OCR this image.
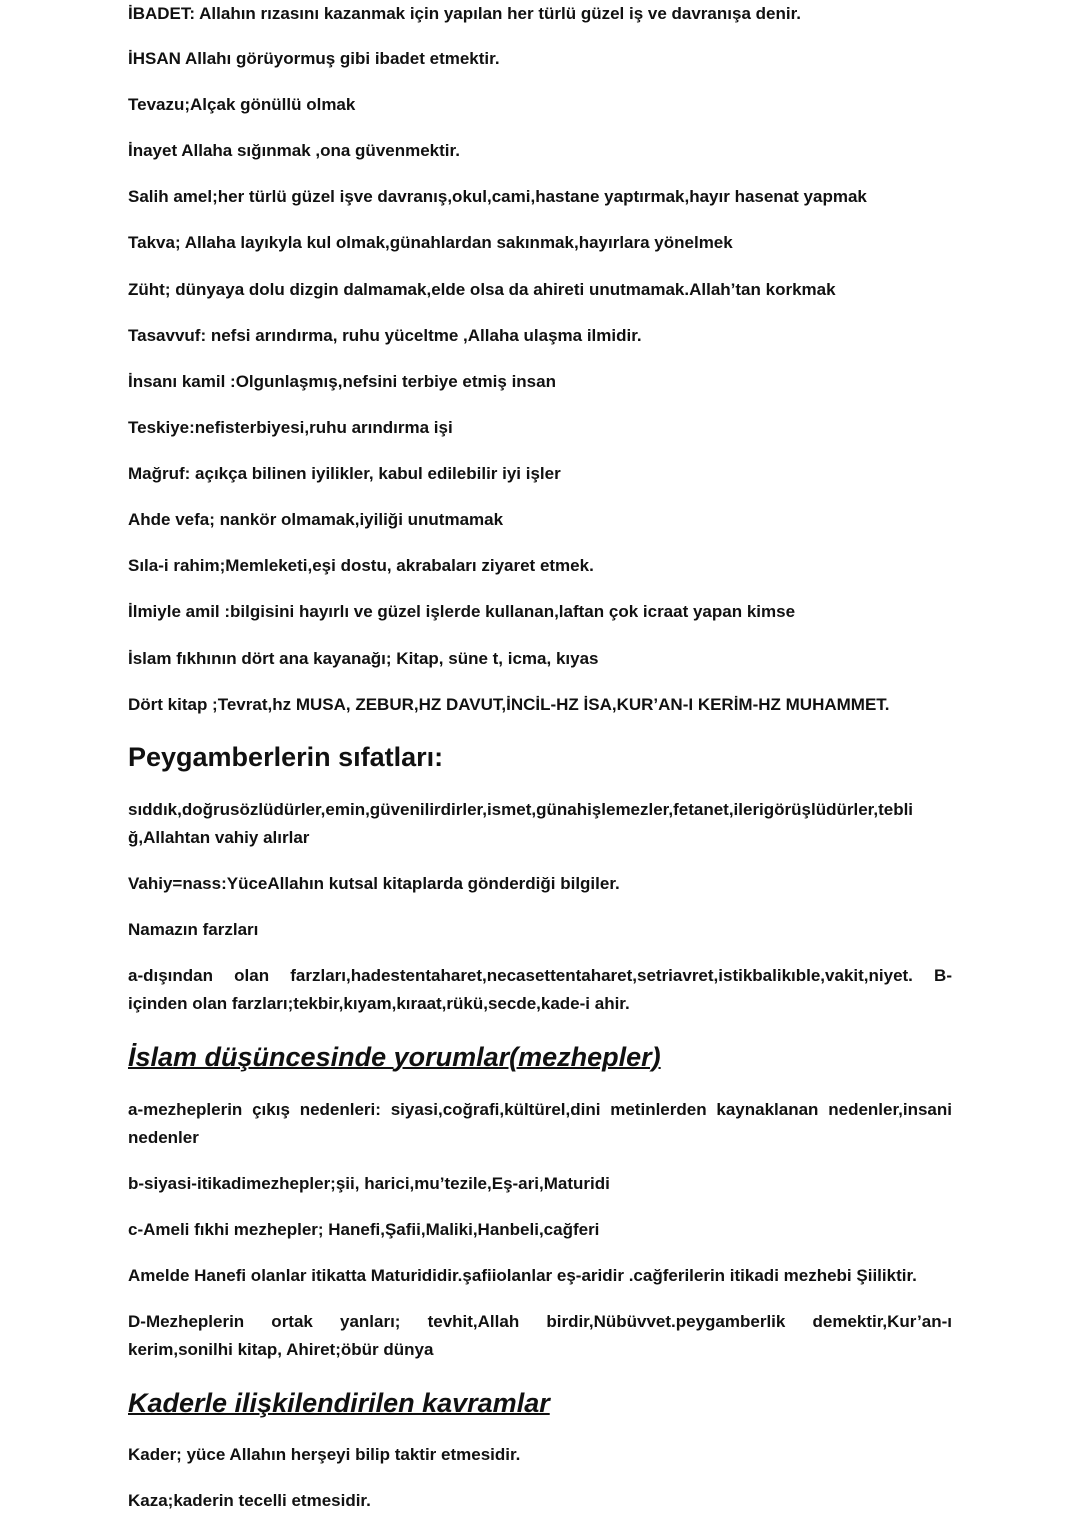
İBADET: Allahın rızasını kazanmak için yapılan her türlü güzel iş ve davranışa denir.
İHSAN Allahı görüyormuş gibi ibadet etmektir.
Tevazu;Alçak gönüllü olmak
İnayet Allaha sığınmak ,ona güvenmektir.
Salih amel;her türlü güzel işve davranış,okul,cami,hastane yaptırmak,hayır hasenat yapmak
Takva; Allaha layıkyla kul olmak,günahlardan sakınmak,hayırlara yönelmek
Züht; dünyaya dolu dizgin dalmamak,elde olsa da ahireti unutmamak.Allah’tan korkmak
Tasavvuf: nefsi arındırma, ruhu yüceltme ,Allaha ulaşma ilmidir.
İnsanı kamil :Olgunlaşmış,nefsini terbiye etmiş insan
Teskiye:nefisterbiyesi,ruhu arındırma işi
Mağruf: açıkça bilinen iyilikler, kabul edilebilir iyi işler
Ahde vefa; nankör olmamak,iyiliği unutmamak
Sıla-i rahim;Memleketi,eşi dostu, akrabaları ziyaret etmek.
İlmiyle amil :bilgisini hayırlı ve güzel işlerde kullanan,laftan çok icraat yapan kimse
İslam fıkhının dört ana kayanağı; Kitap, süne t, icma, kıyas
Dört kitap ;Tevrat,hz MUSA, ZEBUR,HZ DAVUT,İNCİL-HZ İSA,KUR’AN-I KERİM-HZ MUHAMMET.
Peygamberlerin sıfatları:
sıddık,doğrusözlüdürler,emin,güvenilirdirler,ismet,günahişlemezler,fetanet,ilerigörüşlüdürler,tebli
ğ,Allahtan vahiy alırlar
Vahiy=nass:YüceAllahın kutsal kitaplarda gönderdiği bilgiler.
Namazın farzları
a-dışından olan farzları,hadestentaharet,necasettentaharet,setriavret,istikbalikıble,vakit,niyet. B-
içinden olan farzları;tekbir,kıyam,kıraat,rükü,secde,kade-i ahir.
İslam düşüncesinde yorumlar(mezhepler)
a-mezheplerin çıkış nedenleri: siyasi,coğrafi,kültürel,dini metinlerden kaynaklanan nedenler,insani
nedenler
b-siyasi-itikadimezhepler;şii, harici,mu’tezile,Eş-ari,Maturidi
c-Ameli fıkhi mezhepler; Hanefi,Şafii,Maliki,Hanbeli,cağferi
Amelde Hanefi olanlar itikatta Maturididir.şafiiolanlar eş-aridir .cağferilerin itikadi mezhebi Şiiliktir.
D-Mezheplerin ortak yanları; tevhit,Allah birdir,Nübüvvet.peygamberlik demektir,Kur’an-ı
kerim,sonilhi kitap, Ahiret;öbür dünya
Kaderle ilişkilendirilen kavramlar
Kader; yüce Allahın herşeyi bilip taktir etmesidir.
Kaza;kaderin tecelli etmesidir.
